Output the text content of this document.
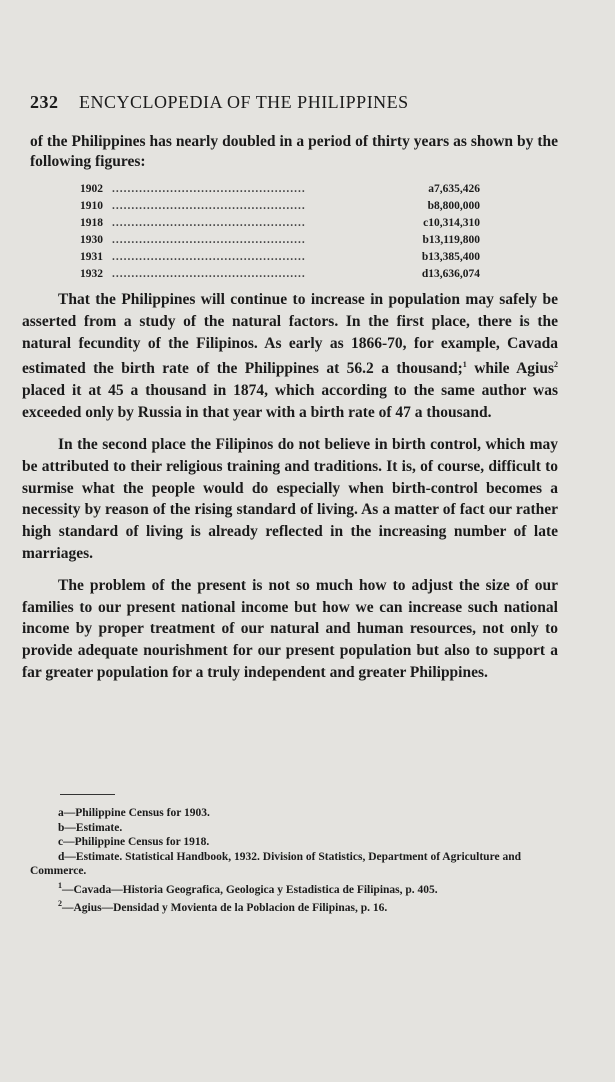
232 ENCYCLOPEDIA OF THE PHILIPPINES
of the Philippines has nearly doubled in a period of thirty years as shown by the following figures:
1902 ..................................................	a7,635,426
1910 ..................................................	b8,800,000
1918 ..................................................	c10,314,310
1930 ..................................................	b13,119,800
1931 ..................................................	b13,385,400
1932 ..................................................	d13,636,074

That the Philippines will continue to increase in population may safely be asserted from a study of the natural factors. In the first place, there is the natural fecundity of the Filipinos. As early as 1866-70, for example, Cavada estimated the birth rate of the Philippines at 56.2 a thousand;$^1$ while Agius$^2$ placed it at 45 a thousand in 1874, which according to the same author was exceeded only by Russia in that year with a birth rate of 47 a thousand.

In the second place the Filipinos do not believe in birth control, which may be attributed to their religious training and traditions. It is, of course, difficult to surmise what the people would do especially when birth-control becomes a necessity by reason of the rising standard of living. As a matter of fact our rather high standard of living is already reflected in the increasing number of late marriages.

The problem of the present is not so much how to adjust the size of our families to our present national income but how we can increase such national income by proper treatment of our natural and human resources, not only to provide adequate nourishment for our present population but also to support a far greater population for a truly independent and greater Philippines.

a—Philippine Census for 1903.
b—Estimate.
c—Philippine Census for 1918.
d—Estimate. Statistical Handbook, 1932. Division of Statistics, Department of Agriculture and Commerce.
$^1$—Cavada—Historia Geografica, Geologica y Estadistica de Filipinas, p. 405.
$^2$—Agius—Densidad y Movienta de la Poblacion de Filipinas, p. 16.
